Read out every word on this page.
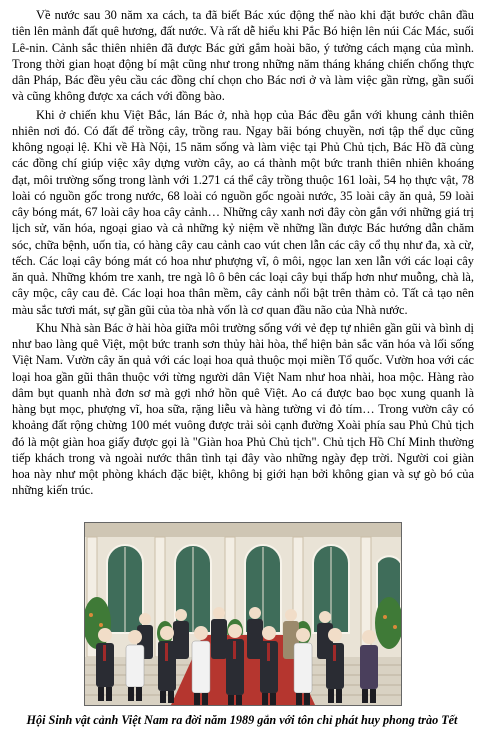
Về nước sau 30 năm xa cách, ta đã biết Bác xúc động thế nào khi đặt bước chân đầu tiên lên mảnh đất quê hương, đất nước. Và rất dễ hiểu khi Pắc Bó hiện lên núi Các Mác, suối Lê-nin. Cảnh sắc thiên nhiên đã được Bác gửi gắm hoài bão, ý tưởng cách mạng của mình. Trong thời gian hoạt động bí mật cũng như trong những năm tháng kháng chiến chống thực dân Pháp, Bác đều yêu cầu các đồng chí chọn cho Bác nơi ở và làm việc gần rừng, gần suối và cũng không được xa cách với đồng bào.

Khi ở chiến khu Việt Bắc, lán Bác ở, nhà họp của Bác đều gắn với khung cảnh thiên nhiên nơi đó. Có đất để trồng cây, trồng rau. Ngay bãi bóng chuyền, nơi tập thể dục cũng không ngoại lệ. Khi về Hà Nội, 15 năm sống và làm việc tại Phủ Chủ tịch, Bác Hồ đã cùng các đồng chí giúp việc xây dựng vườn cây, ao cá thành một bức tranh thiên nhiên khoáng đạt, môi trường sống trong lành với 1.271 cá thể cây trồng thuộc 161 loài, 54 họ thực vật, 78 loài có nguồn gốc trong nước, 68 loài có nguồn gốc ngoài nước, 35 loài cây ăn quả, 59 loài cây bóng mát, 67 loài cây hoa cây cảnh… Những cây xanh nơi đây còn gắn với những giá trị lịch sử, văn hóa, ngoại giao và cả những kỷ niệm về những lần được Bác hướng dẫn chăm sóc, chữa bệnh, uốn tỉa, có hàng cây cau cảnh cao vút chen lẫn các cây cổ thụ như đa, xà cừ, tếch. Các loại cây bóng mát có hoa như phượng vĩ, ô môi, ngọc lan xen lẫn với các loại cây ăn quả. Những khóm tre xanh, tre ngà lô ô bên các loại cây bụi thấp hơn như muỗng, chà là, cây mộc, cây cau đẻ. Các loại hoa thân mềm, cây cảnh nổi bật trên thảm cỏ. Tất cả tạo nên màu sắc tươi mát, sự gần gũi của tòa nhà vốn là cơ quan đầu não của Nhà nước.

Khu Nhà sàn Bác ở hài hòa giữa môi trường sống với vẻ đẹp tự nhiên gần gũi và bình dị như bao làng quê Việt, một bức tranh sơn thủy hài hòa, thể hiện bản sắc văn hóa và lối sống Việt Nam. Vườn cây ăn quả với các loại hoa quả thuộc mọi miền Tổ quốc. Vườn hoa với các loại hoa gần gũi thân thuộc với từng người dân Việt Nam như hoa nhài, hoa mộc. Hàng rào dâm bụt quanh nhà đơn sơ mà gợi nhớ hồn quê Việt. Ao cá được bao bọc xung quanh là hàng bụt mọc, phượng vĩ, hoa sữa, rặng liễu và hàng tường vi đỏ tím… Trong vườn cây có khoảng đất rộng chừng 100 mét vuông được trải sỏi cạnh đường Xoài phía sau Phủ Chủ tịch đó là một giàn hoa giấy được gọi là "Giàn hoa Phủ Chủ tịch". Chủ tịch Hồ Chí Minh thường tiếp khách trong và ngoài nước thân tình tại đây vào những ngày đẹp trời. Người coi giàn hoa này như một phòng khách đặc biệt, không bị giới hạn bởi không gian và sự gò bó của những kiến trúc.

Hội Sinh vật cảnh Việt Nam ra đời năm 1989 gắn với tôn chỉ phát huy phong trào Tết
